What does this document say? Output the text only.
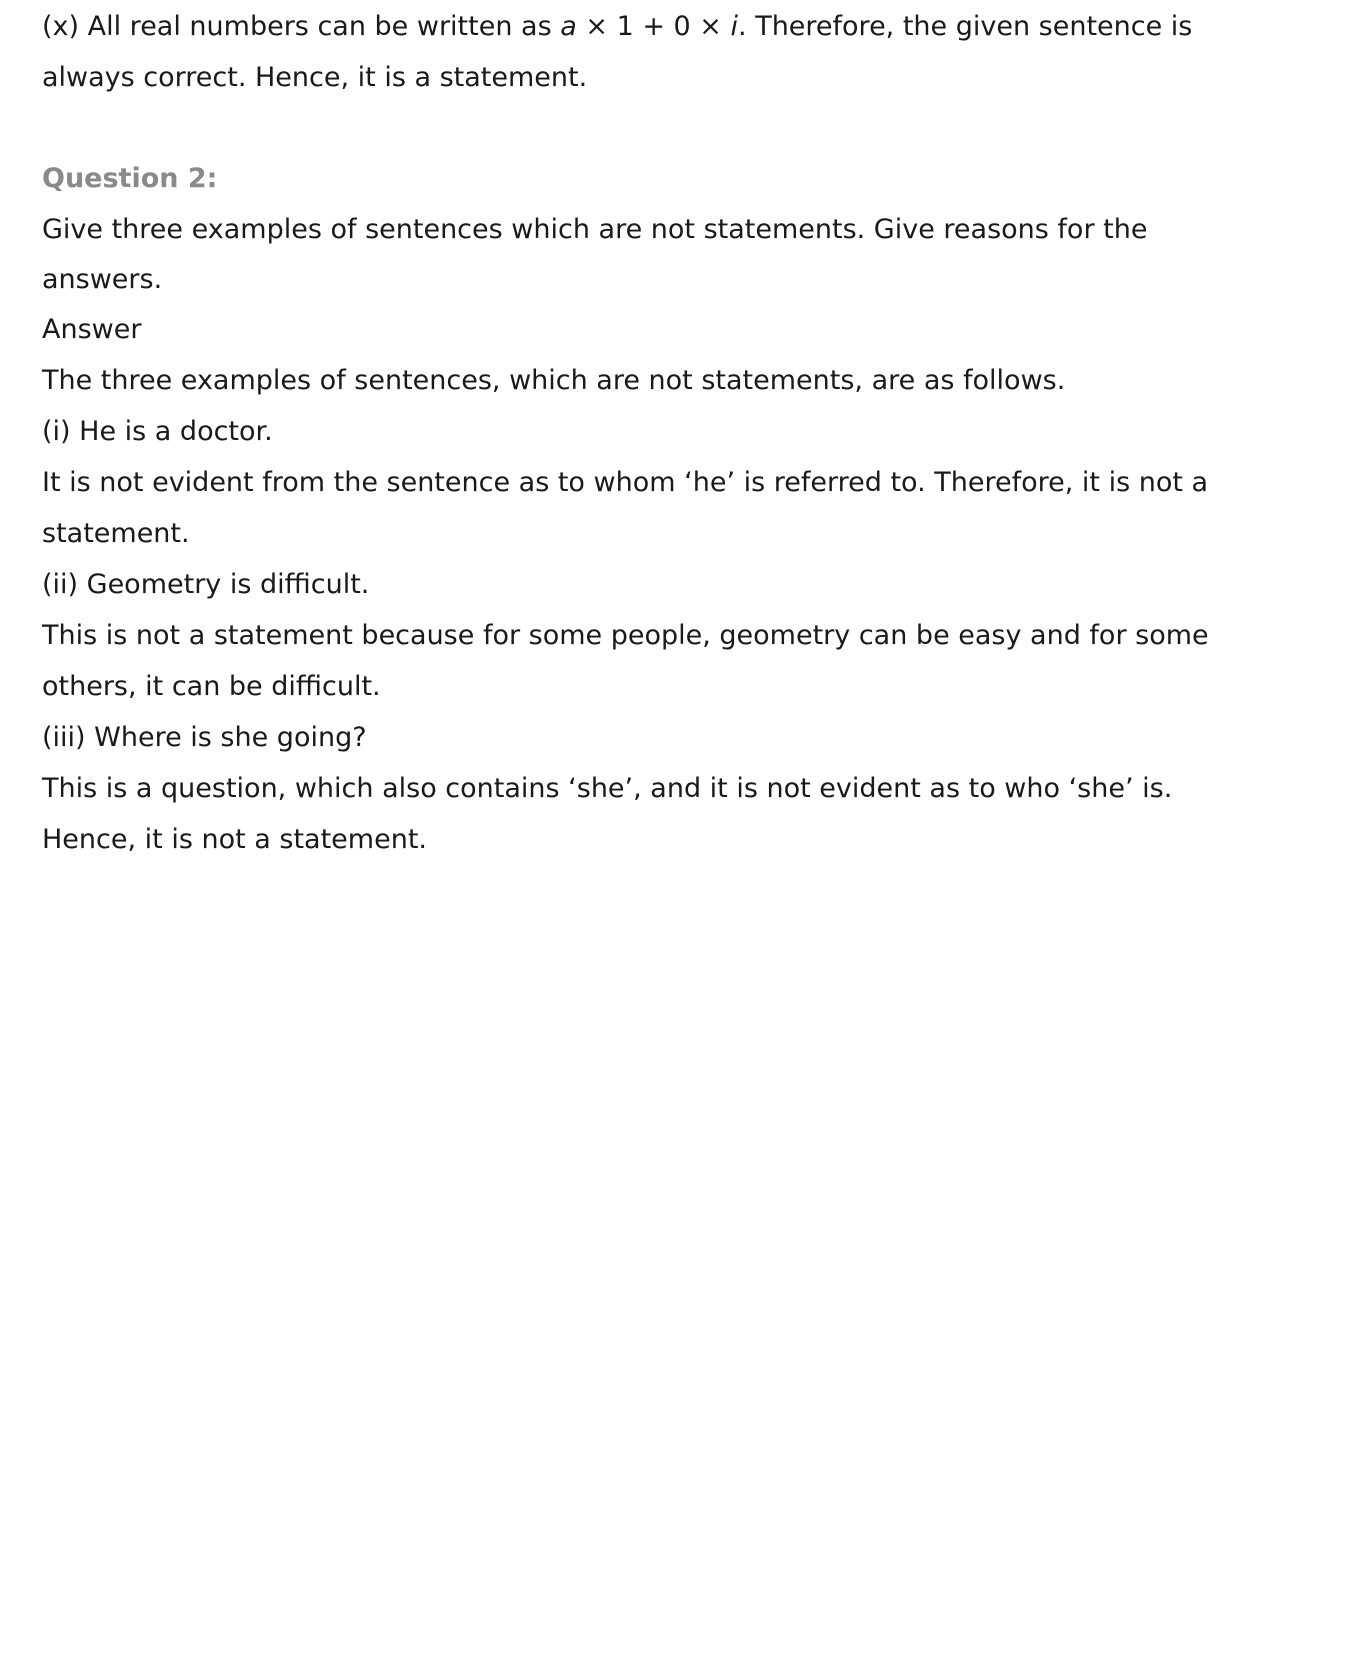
(x) All real numbers can be written as a × 1 + 0 × i. Therefore, the given sentence is

always correct. Hence, it is a statement.

Question 2:

Give three examples of sentences which are not statements. Give reasons for the

answers.

Answer

The three examples of sentences, which are not statements, are as follows.

(i) He is a doctor.

It is not evident from the sentence as to whom ‘he’ is referred to. Therefore, it is not a

statement.

(ii) Geometry is difficult.

This is not a statement because for some people, geometry can be easy and for some

others, it can be difficult.

(iii) Where is she going?

This is a question, which also contains ‘she’, and it is not evident as to who ‘she’ is.

Hence, it is not a statement.
